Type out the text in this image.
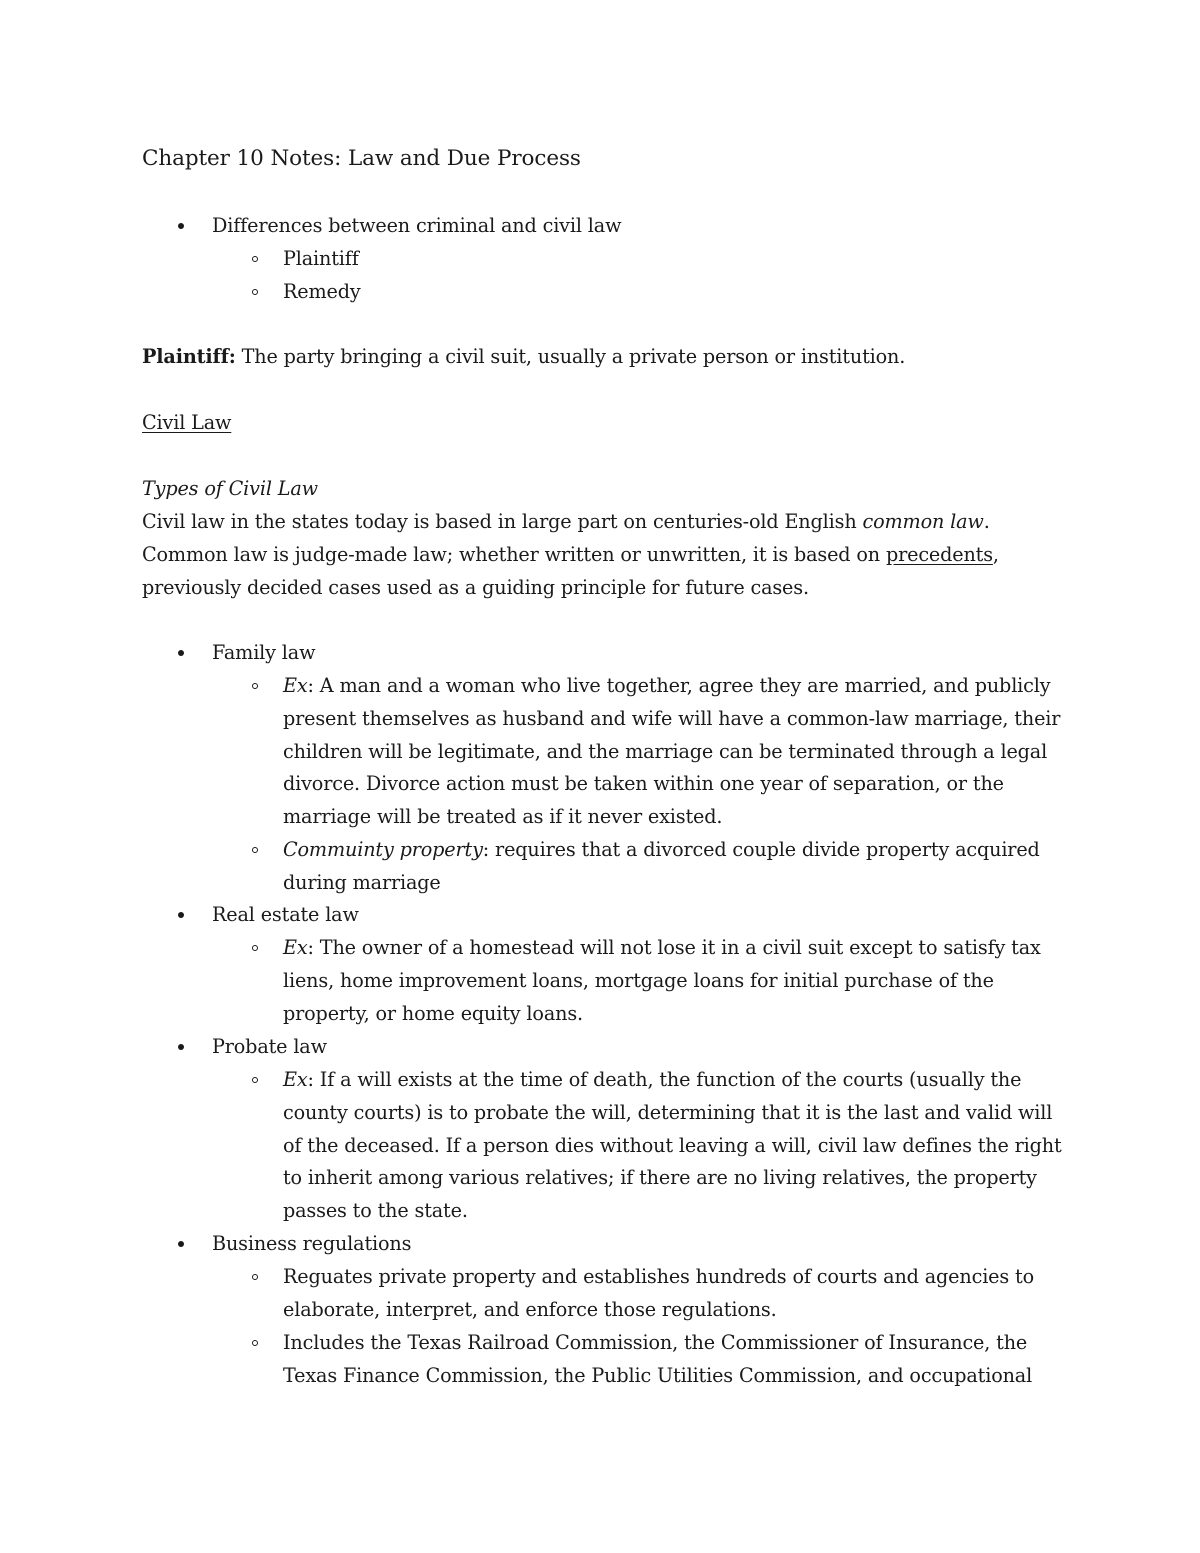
Chapter 10 Notes: Law and Due Process
Differences between criminal and civil law
Plaintiff
Remedy
Plaintiff: The party bringing a civil suit, usually a private person or institution.
Civil Law
Types of Civil Law
Civil law in the states today is based in large part on centuries-old English common law.
Common law is judge-made law; whether written or unwritten, it is based on precedents,
previously decided cases used as a guiding principle for future cases.
Family law
Ex: A man and a woman who live together, agree they are married, and publicly
present themselves as husband and wife will have a common-law marriage, their
children will be legitimate, and the marriage can be terminated through a legal
divorce. Divorce action must be taken within one year of separation, or the
marriage will be treated as if it never existed.
Commuinty property: requires that a divorced couple divide property acquired
during marriage
Real estate law
Ex: The owner of a homestead will not lose it in a civil suit except to satisfy tax
liens, home improvement loans, mortgage loans for initial purchase of the
property, or home equity loans.
Probate law
Ex: If a will exists at the time of death, the function of the courts (usually the
county courts) is to probate the will, determining that it is the last and valid will
of the deceased. If a person dies without leaving a will, civil law defines the right
to inherit among various relatives; if there are no living relatives, the property
passes to the state.
Business regulations
Reguates private property and establishes hundreds of courts and agencies to
elaborate, interpret, and enforce those regulations.
Includes the Texas Railroad Commission, the Commissioner of Insurance, the
Texas Finance Commission, the Public Utilities Commission, and occupational
